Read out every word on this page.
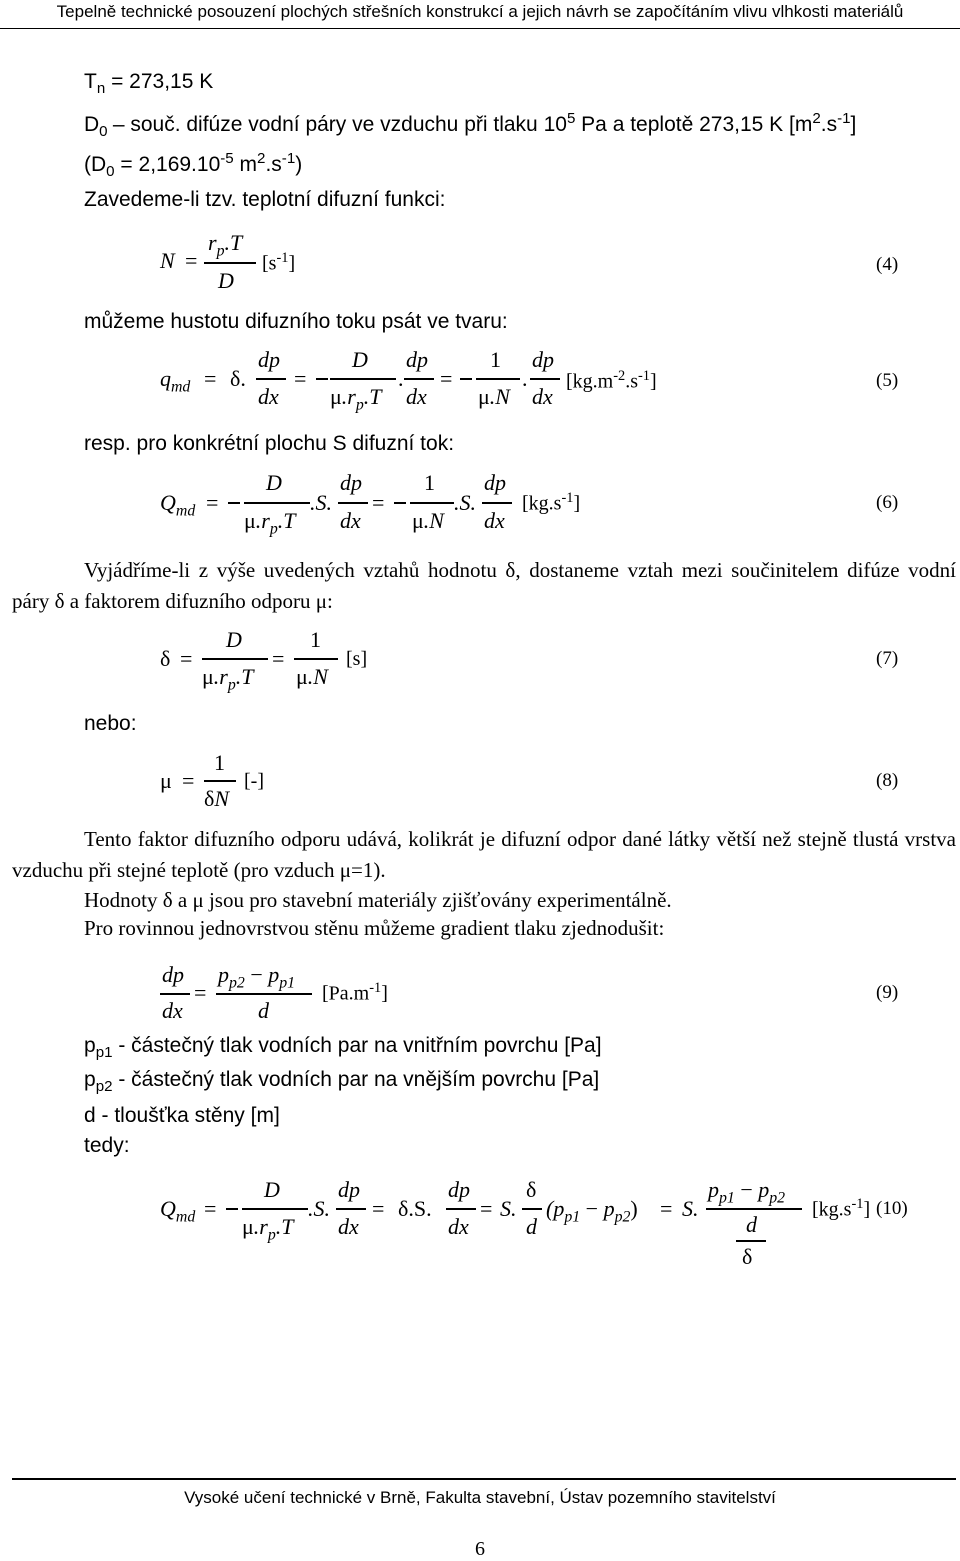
Tepelně technické posouzení plochých střešních konstrukcí a jejich návrh se započítáním vlivu vlhkosti materiálů
$T_n = 273,15$ K
$D_0$ – souč. difúze vodní páry ve vzduchu při tlaku $10^5$ Pa a teplotě 273,15 K $[m^2.s^{-1}]$
($D_0 = 2,169.10^{-5}$ $m^2.s^{-1}$)
Zavedeme-li tzv. teplotní difuzní funkci:
N =
$r_p.T$
D
$[s^{-1}]$	(4)
můžeme hustotu difuzního toku psát ve tvaru:
$q_{md} = \delta$.
dp
dx
=
D
$\mu.r_p.T$
.
dp
dx
=
1
μ.N
.
dp
dx
$[kg.m^{-2}.s^{-1}]$	(5)
resp. pro konkrétní plochu S difuzní tok:
$Q_{md}$ =
D
$\mu.r_p.T$
.S.
dp
dx
=
1
μ.N
.S.
dp
dx
$[kg.s^{-1}]$	(6)
Vyjádříme-li z výše uvedených vztahů hodnotu δ, dostaneme vztah mezi součinitelem difúze vodní páry δ a faktorem difuzního odporu μ:
δ =
D
$\mu.r_p.T$
=
1
μ.N
[s]	(7)
nebo:
μ =
1
δN
[-]	(8)
Tento faktor difuzního odporu udává, kolikrát je difuzní odpor dané látky větší než stejně tlustá vrstva vzduchu při stejné teplotě (pro vzduch μ=1).
Hodnoty δ a μ jsou pro stavební materiály zjišťovány experimentálně.
Pro rovinnou jednovrstvou stěnu můžeme gradient tlaku zjednodušit:
dp
dx
=
$p_{p2} - p_{p1}$
d
$[Pa.m^{-1}]$	(9)
$p_{p1}$ - částečný tlak vodních par na vnitřním povrchu [Pa]
$p_{p2}$ - částečný tlak vodních par na vnějším povrchu [Pa]
d - tloušťka stěny [m]
tedy:
$Q_{md}$ =
D
$\mu.r_p.T$
.S.
dp
dx
= δ.S.
dp
dx
= S.
δ
d
$(p_{p1} - p_{p2}) = S$.
$p_{p1} - p_{p2}$
d
δ
$[kg.s^{-1}]$ (10)
Vysoké učení technické v Brně, Fakulta stavební, Ústav pozemního stavitelství
6
